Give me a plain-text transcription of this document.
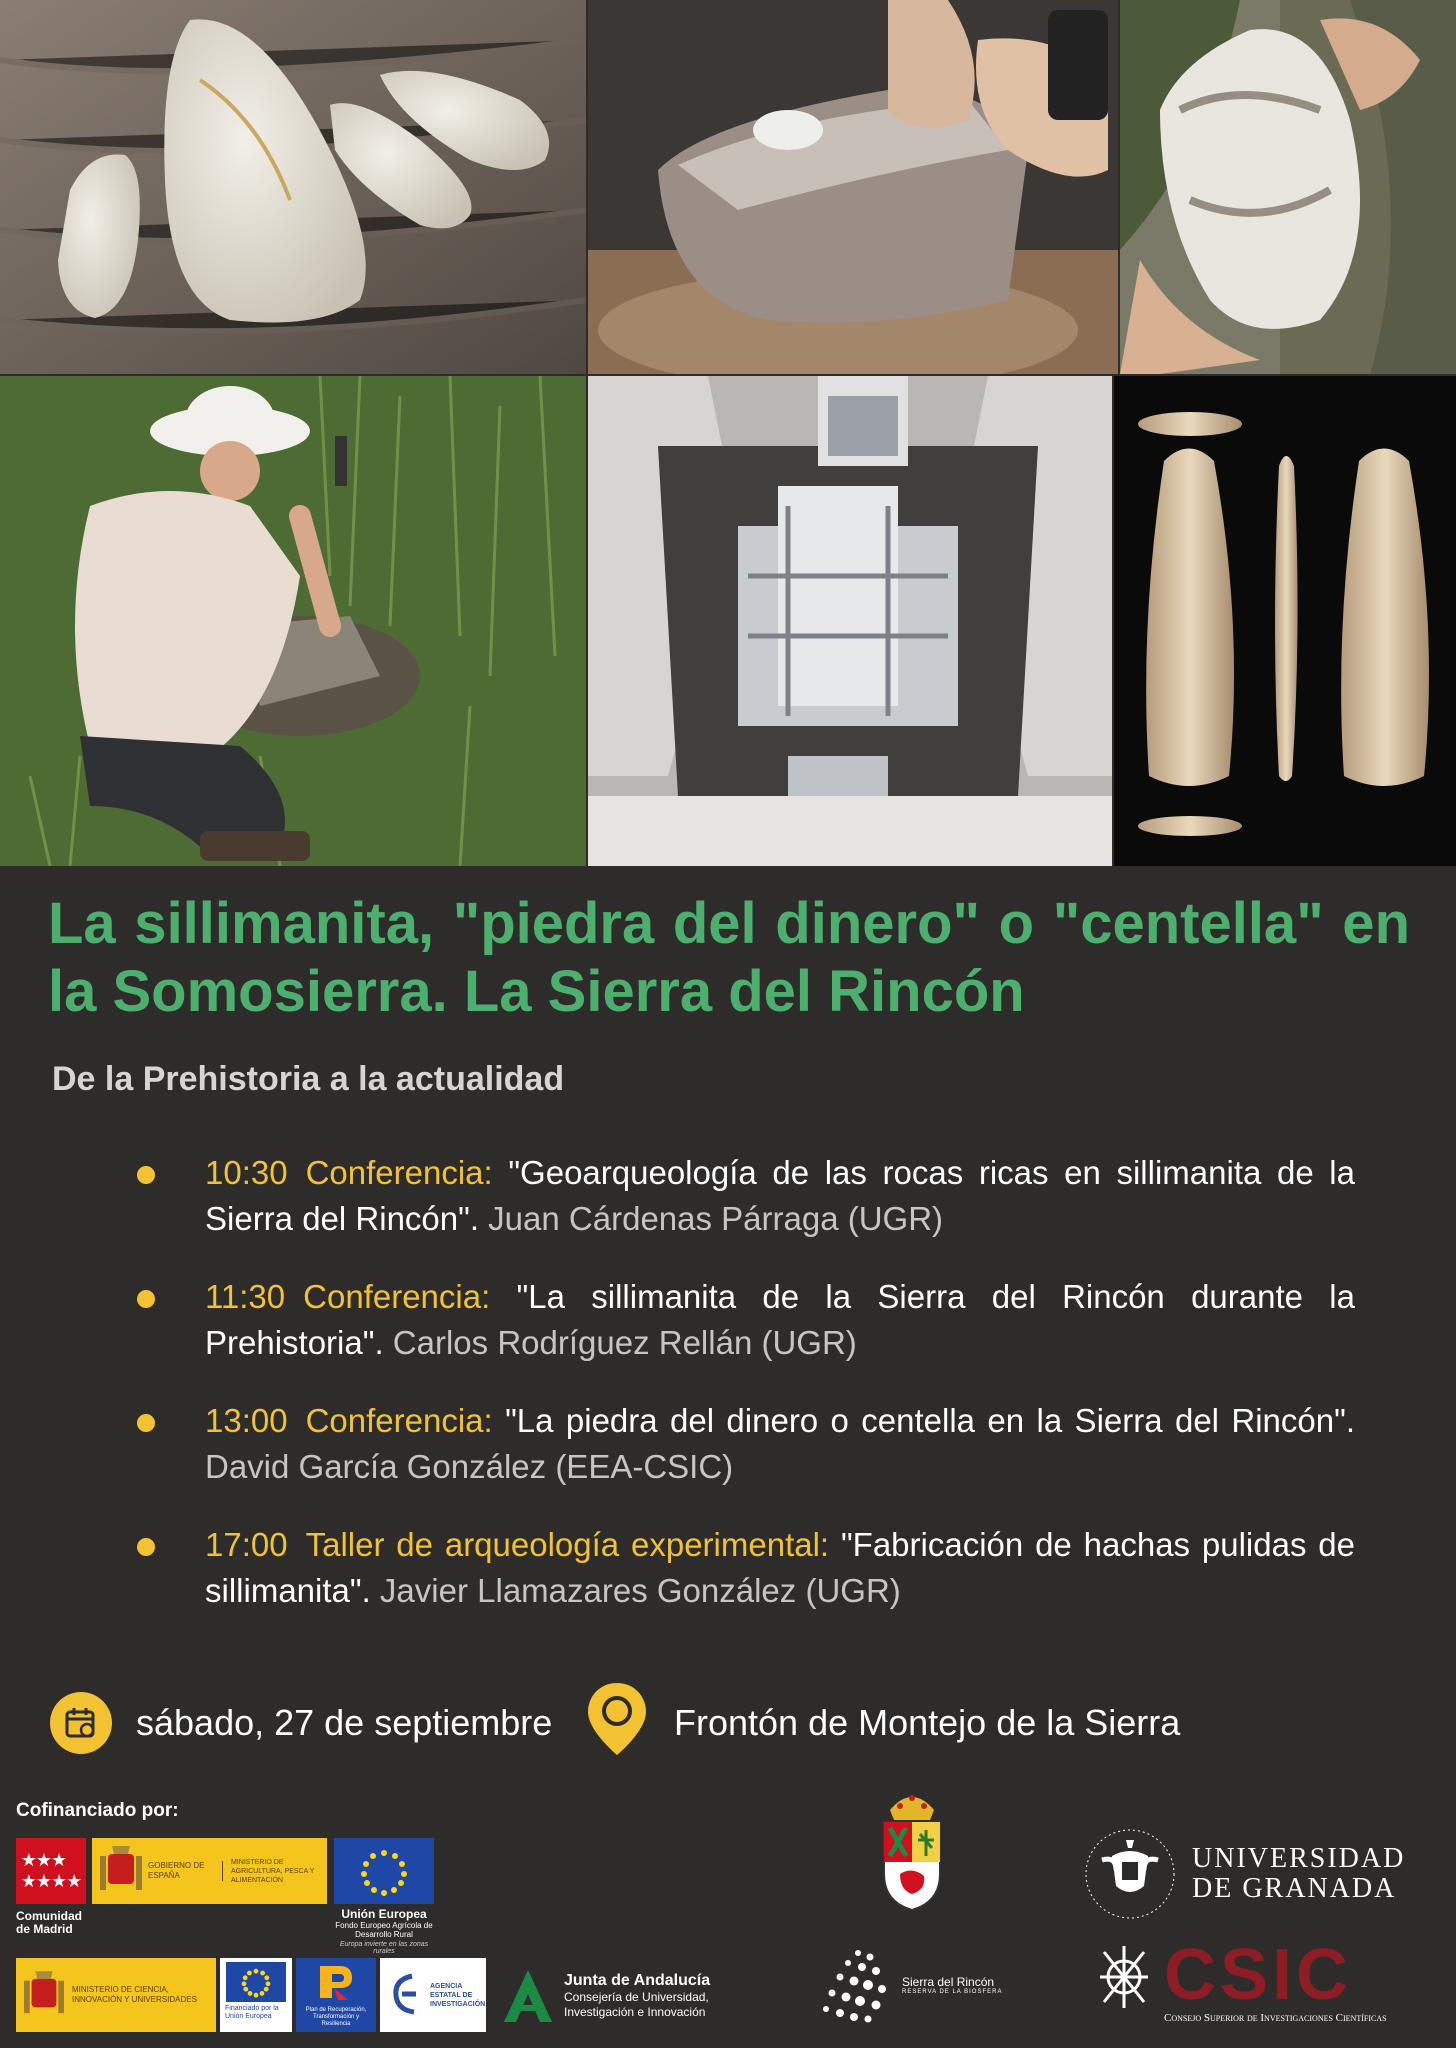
La sillimanita, "piedra del dinero" o "centella" en la Somosierra. La Sierra del Rincón
De la Prehistoria a la actualidad
10:30 Conferencia: "Geoarqueología de las rocas ricas en sillimanita de la Sierra del Rincón". Juan Cárdenas Párraga (UGR)
11:30 Conferencia: "La sillimanita de la Sierra del Rincón durante la Prehistoria". Carlos Rodríguez Rellán (UGR)
13:00 Conferencia: "La piedra del dinero o centella en la Sierra del Rincón". David García González (EEA-CSIC)
17:00 Taller de arqueología experimental: "Fabricación de hachas pulidas de sillimanita". Javier Llamazares González (UGR)
sábado, 27 de septiembre	Frontón de Montejo de la Sierra
Cofinanciado por:
★★★
★★★★
Comunidad de Madrid
GOBIERNO DE ESPAÑA
MINISTERIO DE AGRICULTURA, PESCA Y ALIMENTACIÓN
Unión Europea
Fondo Europeo Agrícola de Desarrollo Rural
Europa invierte en las zonas rurales
MINISTERIO DE CIENCIA, INNOVACIÓN Y UNIVERSIDADES
Financiado por la Unión Europea
Plan de Recuperación, Transformación y Resiliencia
AGENCIA ESTATAL DE INVESTIGACIÓN
Junta de Andalucía
Consejería de Universidad, Investigación e Innovación
Sierra del Rincón
RESERVA DE LA BIOSFERA
UNIVERSIDAD
DE GRANADA
CSIC
Consejo Superior de Investigaciones Científicas
